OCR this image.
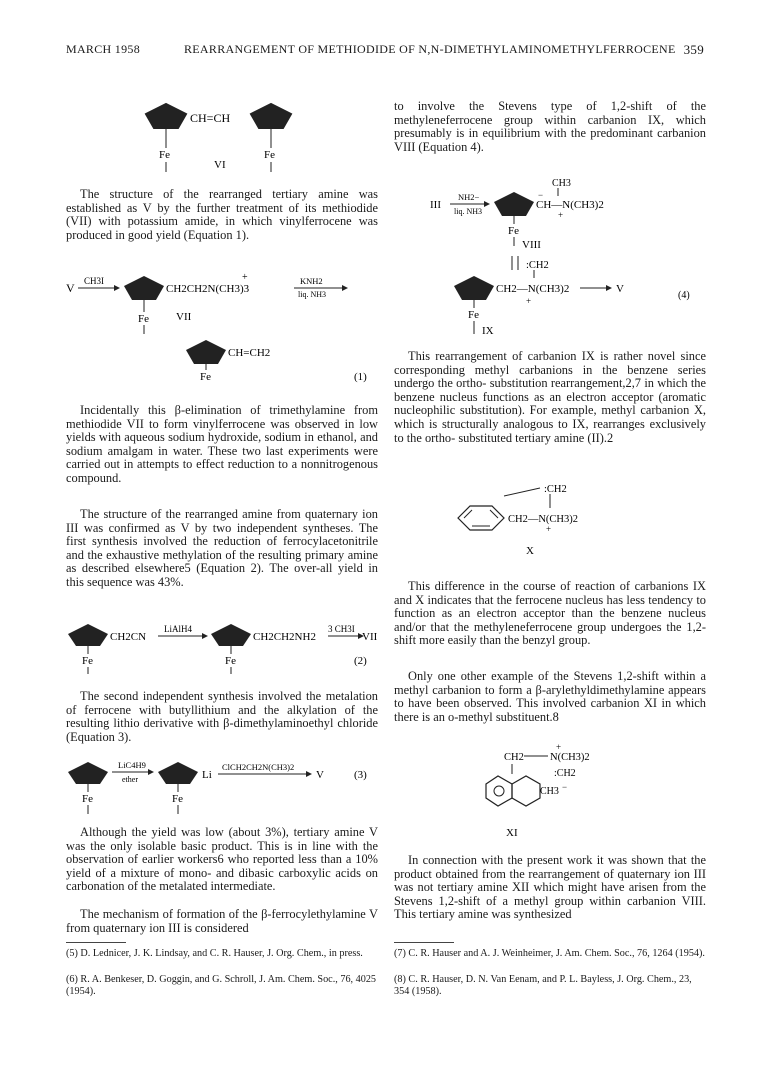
MARCH 1958	REARRANGEMENT OF METHIODIDE OF N,N-DIMETHYLAMINOMETHYLFERROCENE 359
CH=CH
Fe	Fe
VI

The structure of the rearranged tertiary amine was established as V by the further treatment of its methiodide (VII) with potassium amide, in which vinylferrocene was produced in good yield (Equation 1).

V CH3I
CH2CH2N(CH3)3
+	KNH2
liq. NH3
Fe VII
CH=CH2
Fe	(1)

Incidentally this β-elimination of trimethylamine from methiodide VII to form vinylferrocene was observed in low yields with aqueous sodium hydroxide, sodium in ethanol, and sodium amalgam in water. These two last experiments were carried out in attempts to effect reduction to a nonnitrogenous compound.

The structure of the rearranged amine from quaternary ion III was confirmed as V by two independent syntheses. The first synthesis involved the reduction of ferrocylacetonitrile and the exhaustive methylation of the resulting primary amine as described elsewhere5 (Equation 2). The over-all yield in this sequence was 43%.

CH2CN
LiAlH4
CH2CH2NH2
3 CH3I
VII
Fe	Fe	(2)

The second independent synthesis involved the metalation of ferrocene with butyllithium and the alkylation of the resulting lithio derivative with β-dimethylaminoethyl chloride (Equation 3).

LiC4H9
ether	Li
ClCH2CH2N(CH3)2
V	(3)
Fe	Fe

Although the yield was low (about 3%), tertiary amine V was the only isolable basic product. This is in line with the observation of earlier workers6 who reported less than a 10% yield of a mixture of mono- and dibasic carboxylic acids on carbonation of the metalated intermediate.

The mechanism of formation of the β-ferrocylethylamine V from quaternary ion III is considered

(5) D. Lednicer, J. K. Lindsay, and C. R. Hauser, J. Org. Chem., in press.
(6) R. A. Benkeser, D. Goggin, and G. Schroll, J. Am. Chem. Soc., 76, 4025 (1954).

to involve the Stevens type of 1,2-shift of the methyleneferrocene group within carbanion IX, which presumably is in equilibrium with the predominant carbanion VIII (Equation 4).

CH3
III
NH2−
liq. NH3
CH—N(CH3)2
−
+
Fe
VIII
:CH2
CH2—N(CH3)2
+
V
Fe
IX
(4)

This rearrangement of carbanion IX is rather novel since corresponding methyl carbanions in the benzene series undergo the ortho- substitution rearrangement,2,7 in which the benzene nucleus functions as an electron acceptor (aromatic nucleophilic substitution). For example, methyl carbanion X, which is structurally analogous to IX, rearranges exclusively to the ortho- substituted tertiary amine (II).2

:CH2
CH2—N(CH3)2
+
X

This difference in the course of reaction of carbanions IX and X indicates that the ferrocene nucleus has less tendency to function as an electron acceptor than the benzene nucleus and/or that the methyleneferrocene group undergoes the 1,2-shift more easily than the benzyl group.

Only one other example of the Stevens 1,2-shift within a methyl carbanion to form a β-arylethyldimethylamine appears to have been observed. This involved carbanion XI in which there is an o-methyl substituent.8

CH2 N(CH3)2
+
:CH2
CH3 −
XI

In connection with the present work it was shown that the product obtained from the rearrangement of quaternary ion III was not tertiary amine XII which might have arisen from the Stevens 1,2-shift of a methyl group within carbanion VIII. This tertiary amine was synthesized

(7) C. R. Hauser and A. J. Weinheimer, J. Am. Chem. Soc., 76, 1264 (1954).
(8) C. R. Hauser, D. N. Van Eenam, and P. L. Bayless, J. Org. Chem., 23, 354 (1958).
